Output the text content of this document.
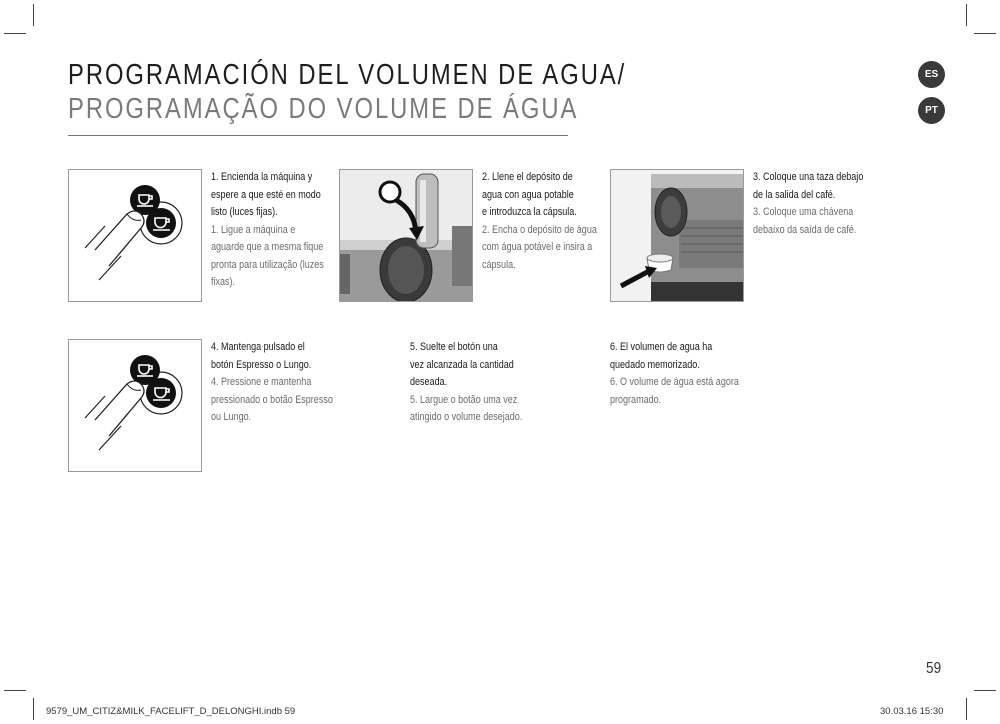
PROGRAMACIÓN DEL VOLUMEN DE AGUA/
PROGRAMAÇÃO DO VOLUME DE ÁGUA
ES
PT
1. Encienda la máquina y
espere a que esté en modo
listo (luces fijas).
1. Ligue a máquina e
aguarde que a mesma fique
pronta para utilização (luzes
fixas).
2. Llene el depósito de
agua con agua potable
e introduzca la cápsula.
2. Encha o depósito de água
com água potável e insira a
cápsula.
3. Coloque una taza debajo
de la salida del café.
3. Coloque uma chávena
debaixo da saída de café.
4. Mantenga pulsado el
botón Espresso o Lungo.
4. Pressione e mantenha
pressionado o botão Espresso
ou Lungo.
5. Suelte el botón una
vez alcanzada la cantidad
deseada.
5. Largue o botão uma vez
atingido o volume desejado.
6. El volumen de agua ha
quedado memorizado.
6. O volume de água está agora
programado.
59
9579_UM_CITIZ&MILK_FACELIFT_D_DELONGHI.indb 59	30.03.16 15:30
